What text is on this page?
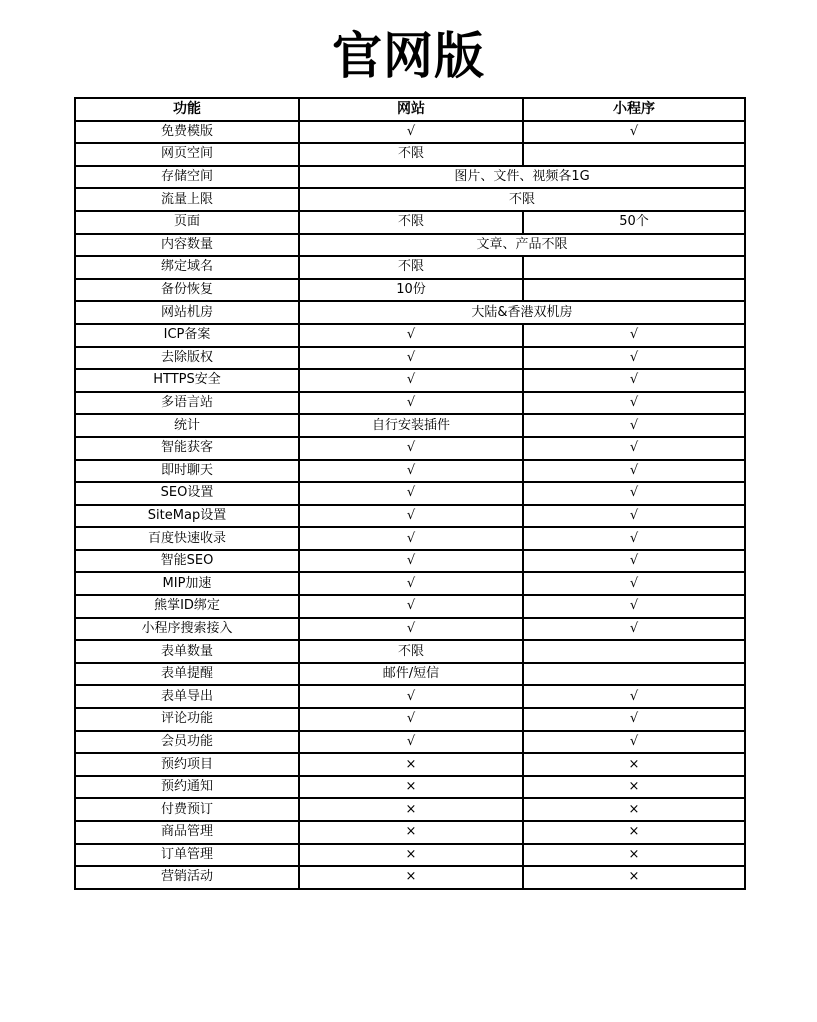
官网版
功能	网站	小程序
免费模版	√	√
网页空间	不限	
存储空间	图片、文件、视频各1G	
流量上限	不限	
页面	不限	50个
内容数量	文章、产品不限	
绑定域名	不限	
备份恢复	10份	
网站机房	大陆&香港双机房	
ICP备案	√	√
去除版权	√	√
HTTPS安全	√	√
多语言站	√	√
统计	自行安装插件	√
智能获客	√	√
即时聊天	√	√
SEO设置	√	√
SiteMap设置	√	√
百度快速收录	√	√
智能SEO	√	√
MIP加速	√	√
熊掌ID绑定	√	√
小程序搜索接入	√	√
表单数量	不限	
表单提醒	邮件/短信	
表单导出	√	√
评论功能	√	√
会员功能	√	√
预约项目	×	×
预约通知	×	×
付费预订	×	×
商品管理	×	×
订单管理	×	×
营销活动	×	×
